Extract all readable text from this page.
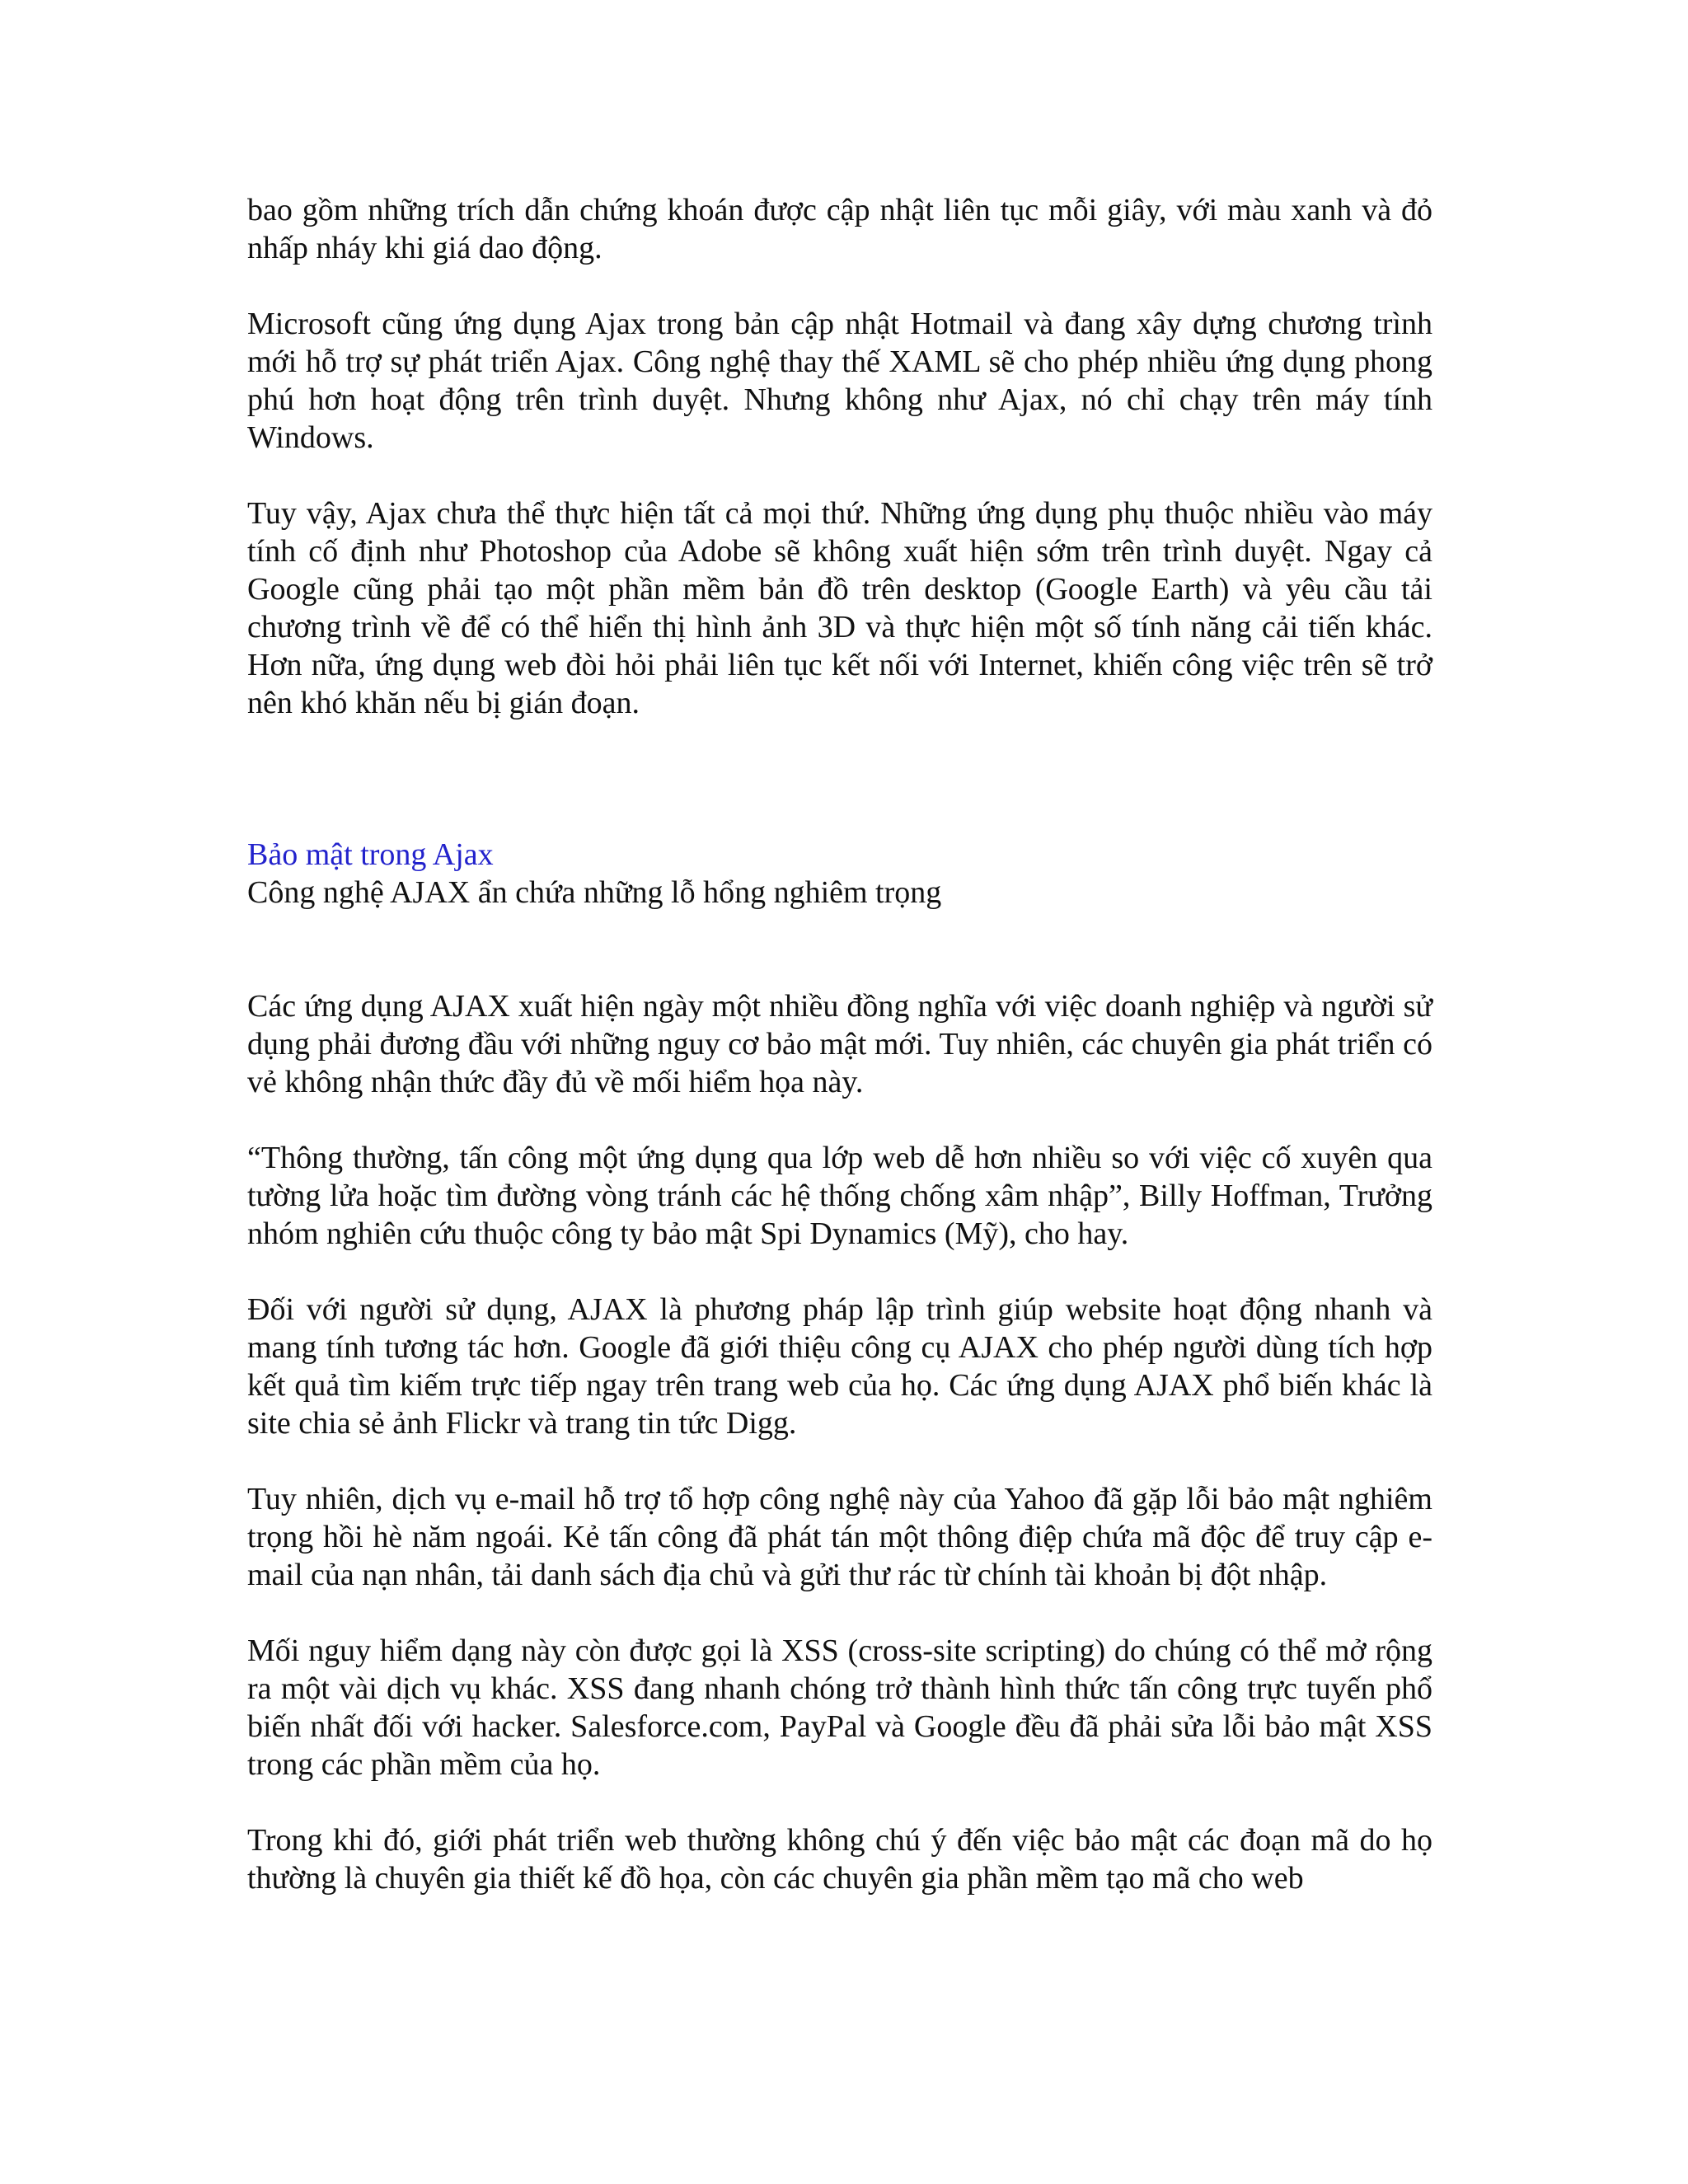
bao gồm những trích dẫn chứng khoán được cập nhật liên tục mỗi giây, với màu xanh và đỏ nhấp nháy khi giá dao động.

Microsoft cũng ứng dụng Ajax trong bản cập nhật Hotmail và đang xây dựng chương trình mới hỗ trợ sự phát triển Ajax. Công nghệ thay thế XAML sẽ cho phép nhiều ứng dụng phong phú hơn hoạt động trên trình duyệt. Nhưng không như Ajax, nó chỉ chạy trên máy tính Windows.

Tuy vậy, Ajax chưa thể thực hiện tất cả mọi thứ. Những ứng dụng phụ thuộc nhiều vào máy tính cố định như Photoshop của Adobe sẽ không xuất hiện sớm trên trình duyệt. Ngay cả Google cũng phải tạo một phần mềm bản đồ trên desktop (Google Earth) và yêu cầu tải chương trình về để có thể hiển thị hình ảnh 3D và thực hiện một số tính năng cải tiến khác. Hơn nữa, ứng dụng web đòi hỏi phải liên tục kết nối với Internet, khiến công việc trên sẽ trở nên khó khăn nếu bị gián đoạn.

Bảo mật trong Ajax

Công nghệ AJAX ẩn chứa những lỗ hổng nghiêm trọng

Các ứng dụng AJAX xuất hiện ngày một nhiều đồng nghĩa với việc doanh nghiệp và người sử dụng phải đương đầu với những nguy cơ bảo mật mới. Tuy nhiên, các chuyên gia phát triển có vẻ không nhận thức đầy đủ về mối hiểm họa này.

“Thông thường, tấn công một ứng dụng qua lớp web dễ hơn nhiều so với việc cố xuyên qua tường lửa hoặc tìm đường vòng tránh các hệ thống chống xâm nhập”, Billy Hoffman, Trưởng nhóm nghiên cứu thuộc công ty bảo mật Spi Dynamics (Mỹ), cho hay.

Đối với người sử dụng, AJAX là phương pháp lập trình giúp website hoạt động nhanh và mang tính tương tác hơn. Google đã giới thiệu công cụ AJAX cho phép người dùng tích hợp kết quả tìm kiếm trực tiếp ngay trên trang web của họ. Các ứng dụng AJAX phổ biến khác là site chia sẻ ảnh Flickr và trang tin tức Digg.

Tuy nhiên, dịch vụ e-mail hỗ trợ tổ hợp công nghệ này của Yahoo đã gặp lỗi bảo mật nghiêm trọng hồi hè năm ngoái. Kẻ tấn công đã phát tán một thông điệp chứa mã độc để truy cập e-mail của nạn nhân, tải danh sách địa chủ và gửi thư rác từ chính tài khoản bị đột nhập.

Mối nguy hiểm dạng này còn được gọi là XSS (cross-site scripting) do chúng có thể mở rộng ra một vài dịch vụ khác. XSS đang nhanh chóng trở thành hình thức tấn công trực tuyến phổ biến nhất đối với hacker. Salesforce.com, PayPal và Google đều đã phải sửa lỗi bảo mật XSS trong các phần mềm của họ.

Trong khi đó, giới phát triển web thường không chú ý đến việc bảo mật các đoạn mã do họ thường là chuyên gia thiết kế đồ họa, còn các chuyên gia phần mềm tạo mã cho web
